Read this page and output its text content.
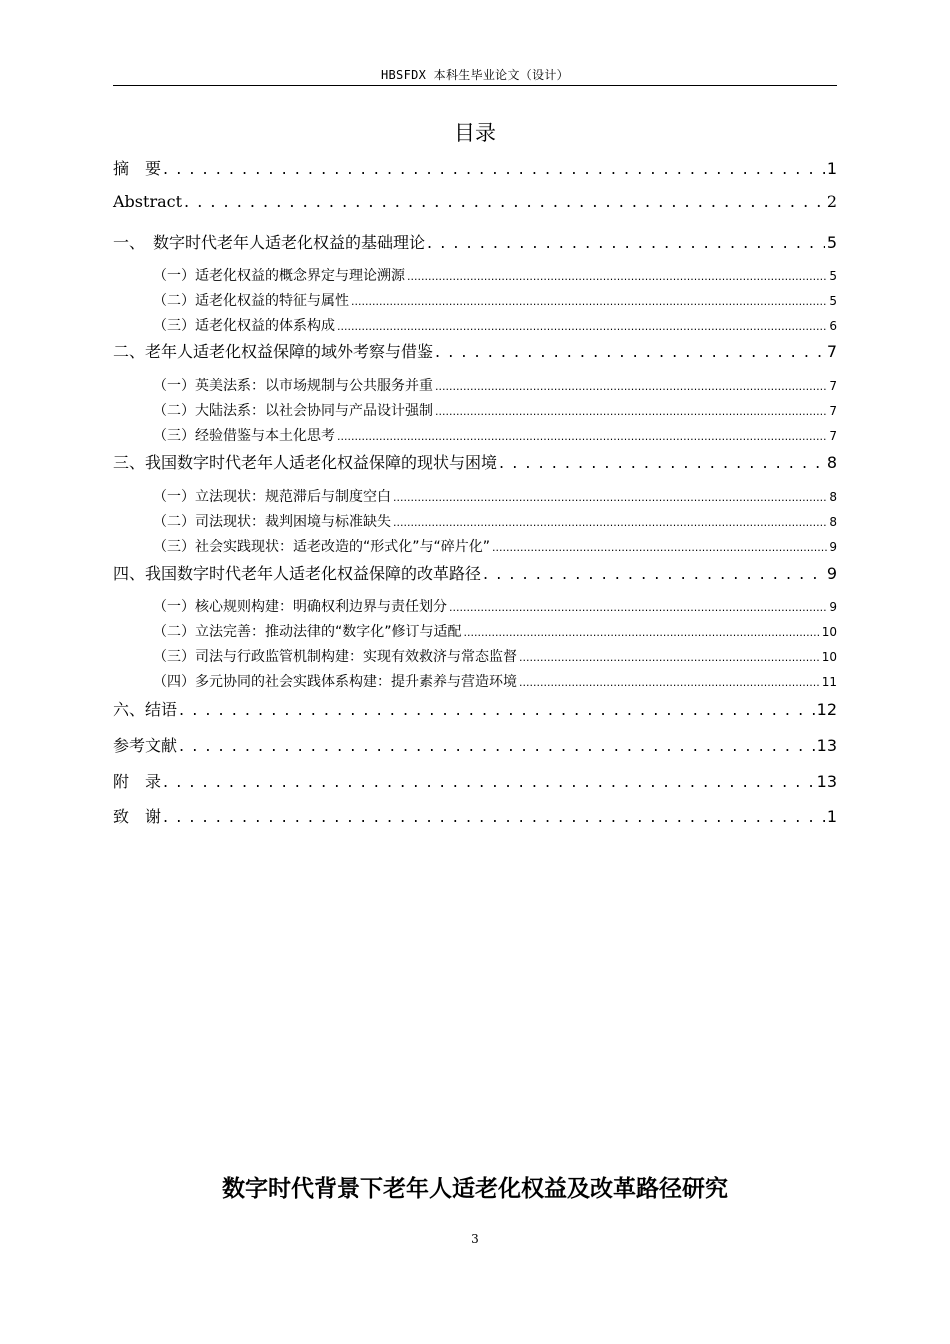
HBSFDX 本科生毕业论文（设计）
目录
摘　要 . . .	1
Abstract . . .	2
一、　数字时代老年人适老化权益的基础理论 . . .	5
（一）适老化权益的概念界定与理论溯源 .....	5
（二）适老化权益的特征与属性 .....	5
（三）适老化权益的体系构成 .....	6
二、老年人适老化权益保障的域外考察与借鉴 . . .	7
（一）英美法系：以市场规制与公共服务并重 .....	7
（二）大陆法系：以社会协同与产品设计强制 .....	7
（三）经验借鉴与本土化思考 .....	7
三、我国数字时代老年人适老化权益保障的现状与困境 . . .	8
（一）立法现状：规范滞后与制度空白 .....	8
（二）司法现状：裁判困境与标准缺失 .....	8
（三）社会实践现状：适老改造的“形式化”与“碎片化” .....	9
四、我国数字时代老年人适老化权益保障的改革路径 . . .	9
（一）核心规则构建：明确权利边界与责任划分 .....	9
（二）立法完善：推动法律的“数字化”修订与适配 .....	10
（三）司法与行政监管机制构建：实现有效救济与常态监督 .....	10
（四）多元协同的社会实践体系构建：提升素养与营造环境 .....	11
六、结语 . . .	12
参考文献 . . .	13
附　录 . . .	13
致　谢 . . .	1
数字时代背景下老年人适老化权益及改革路径研究
3
